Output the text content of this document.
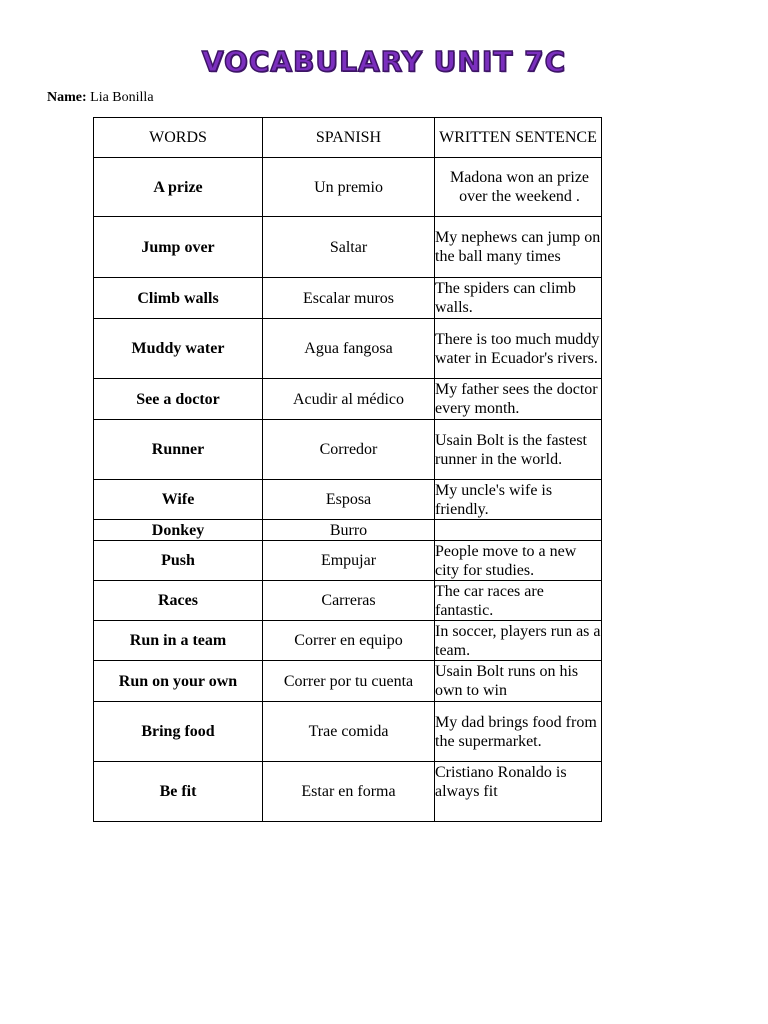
VOCABULARY UNIT 7C
Name: Lia Bonilla
WORDS	SPANISH	WRITTEN SENTENCE
A prize	Un premio	Madona won an prize over the weekend .
Jump over	Saltar	My nephews can jump on the ball many times
Climb walls	Escalar muros	The spiders can climb walls.
Muddy water	Agua fangosa	There is too much muddy water in Ecuador's rivers.
See a doctor	Acudir al médico	My father sees the doctor every month.
Runner	Corredor	Usain Bolt is the fastest runner in the world.
Wife	Esposa	My uncle's wife is friendly.
Donkey	Burro	
Push	Empujar	People move to a new city for studies.
Races	Carreras	The car races are fantastic.
Run in a team	Correr en equipo	In soccer, players run as a team.
Run on your own	Correr por tu cuenta	Usain Bolt runs on his own to win
Bring food	Trae comida	My dad brings food from the supermarket.
Be fit	Estar en forma	Cristiano Ronaldo is always fit
